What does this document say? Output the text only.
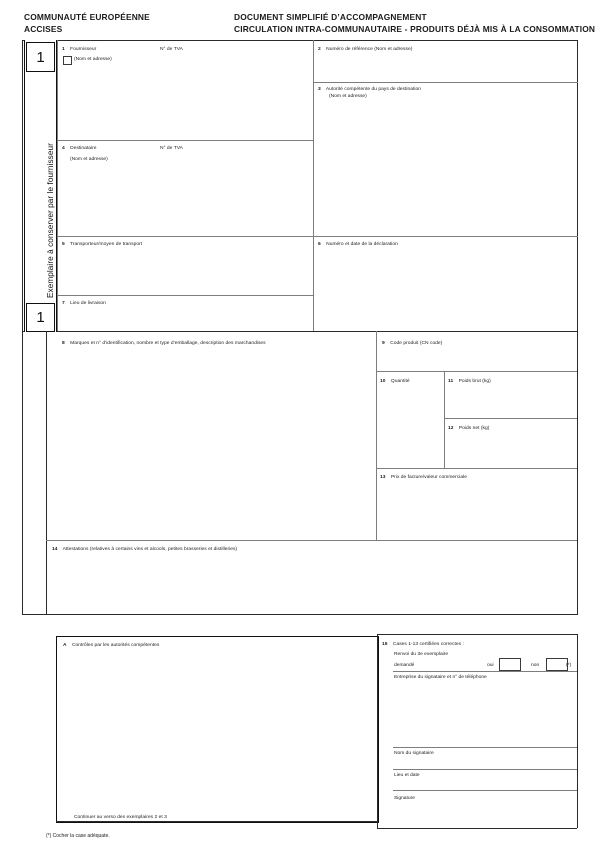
COMMUNAUTÉ EUROPÉENNE
ACCISES
DOCUMENT SIMPLIFIÉ D’ACCOMPAGNEMENT
CIRCULATION INTRA-COMMUNAUTAIRE - PRODUITS DÉJÀ MIS À LA CONSOMMATION
1
1
Exemplaire à conserver par le fournisseur
1 Fournisseur	N° de TVA
(Nom et adresse)
2 Numéro de référence (Nom et adresse)
3 Autorité compétente du pays de destination
(Nom et adresse)
4 Destinataire	N° de TVA
(Nom et adresse)
5 Transporteur/moyen de transport	6 Numéro et date de la déclaration
7 Lieu de livraison
8 Marques et n° d’identification, nombre et type d’emballage, description des marchandises	9 Code produit (CN code)
10 Quantité	11 Poids brut (kg)
12 Poids net (kg)
13 Prix de facture/valeur commerciale
14 Attestations (relatives à certains vins et alcools, petites brasseries et distilleries)
A Contrôles par les autorités compétentes
Continuer au verso des exemplaires 2 et 3
15 Cases 1-13 certifiées correctes :
Renvoi du 3e exemplaire
demandé	oui	non	(*)
Entreprise du signataire et n° de téléphone
Nom du signataire
Lieu et date
Signature
(*) Cocher la case adéquate.
